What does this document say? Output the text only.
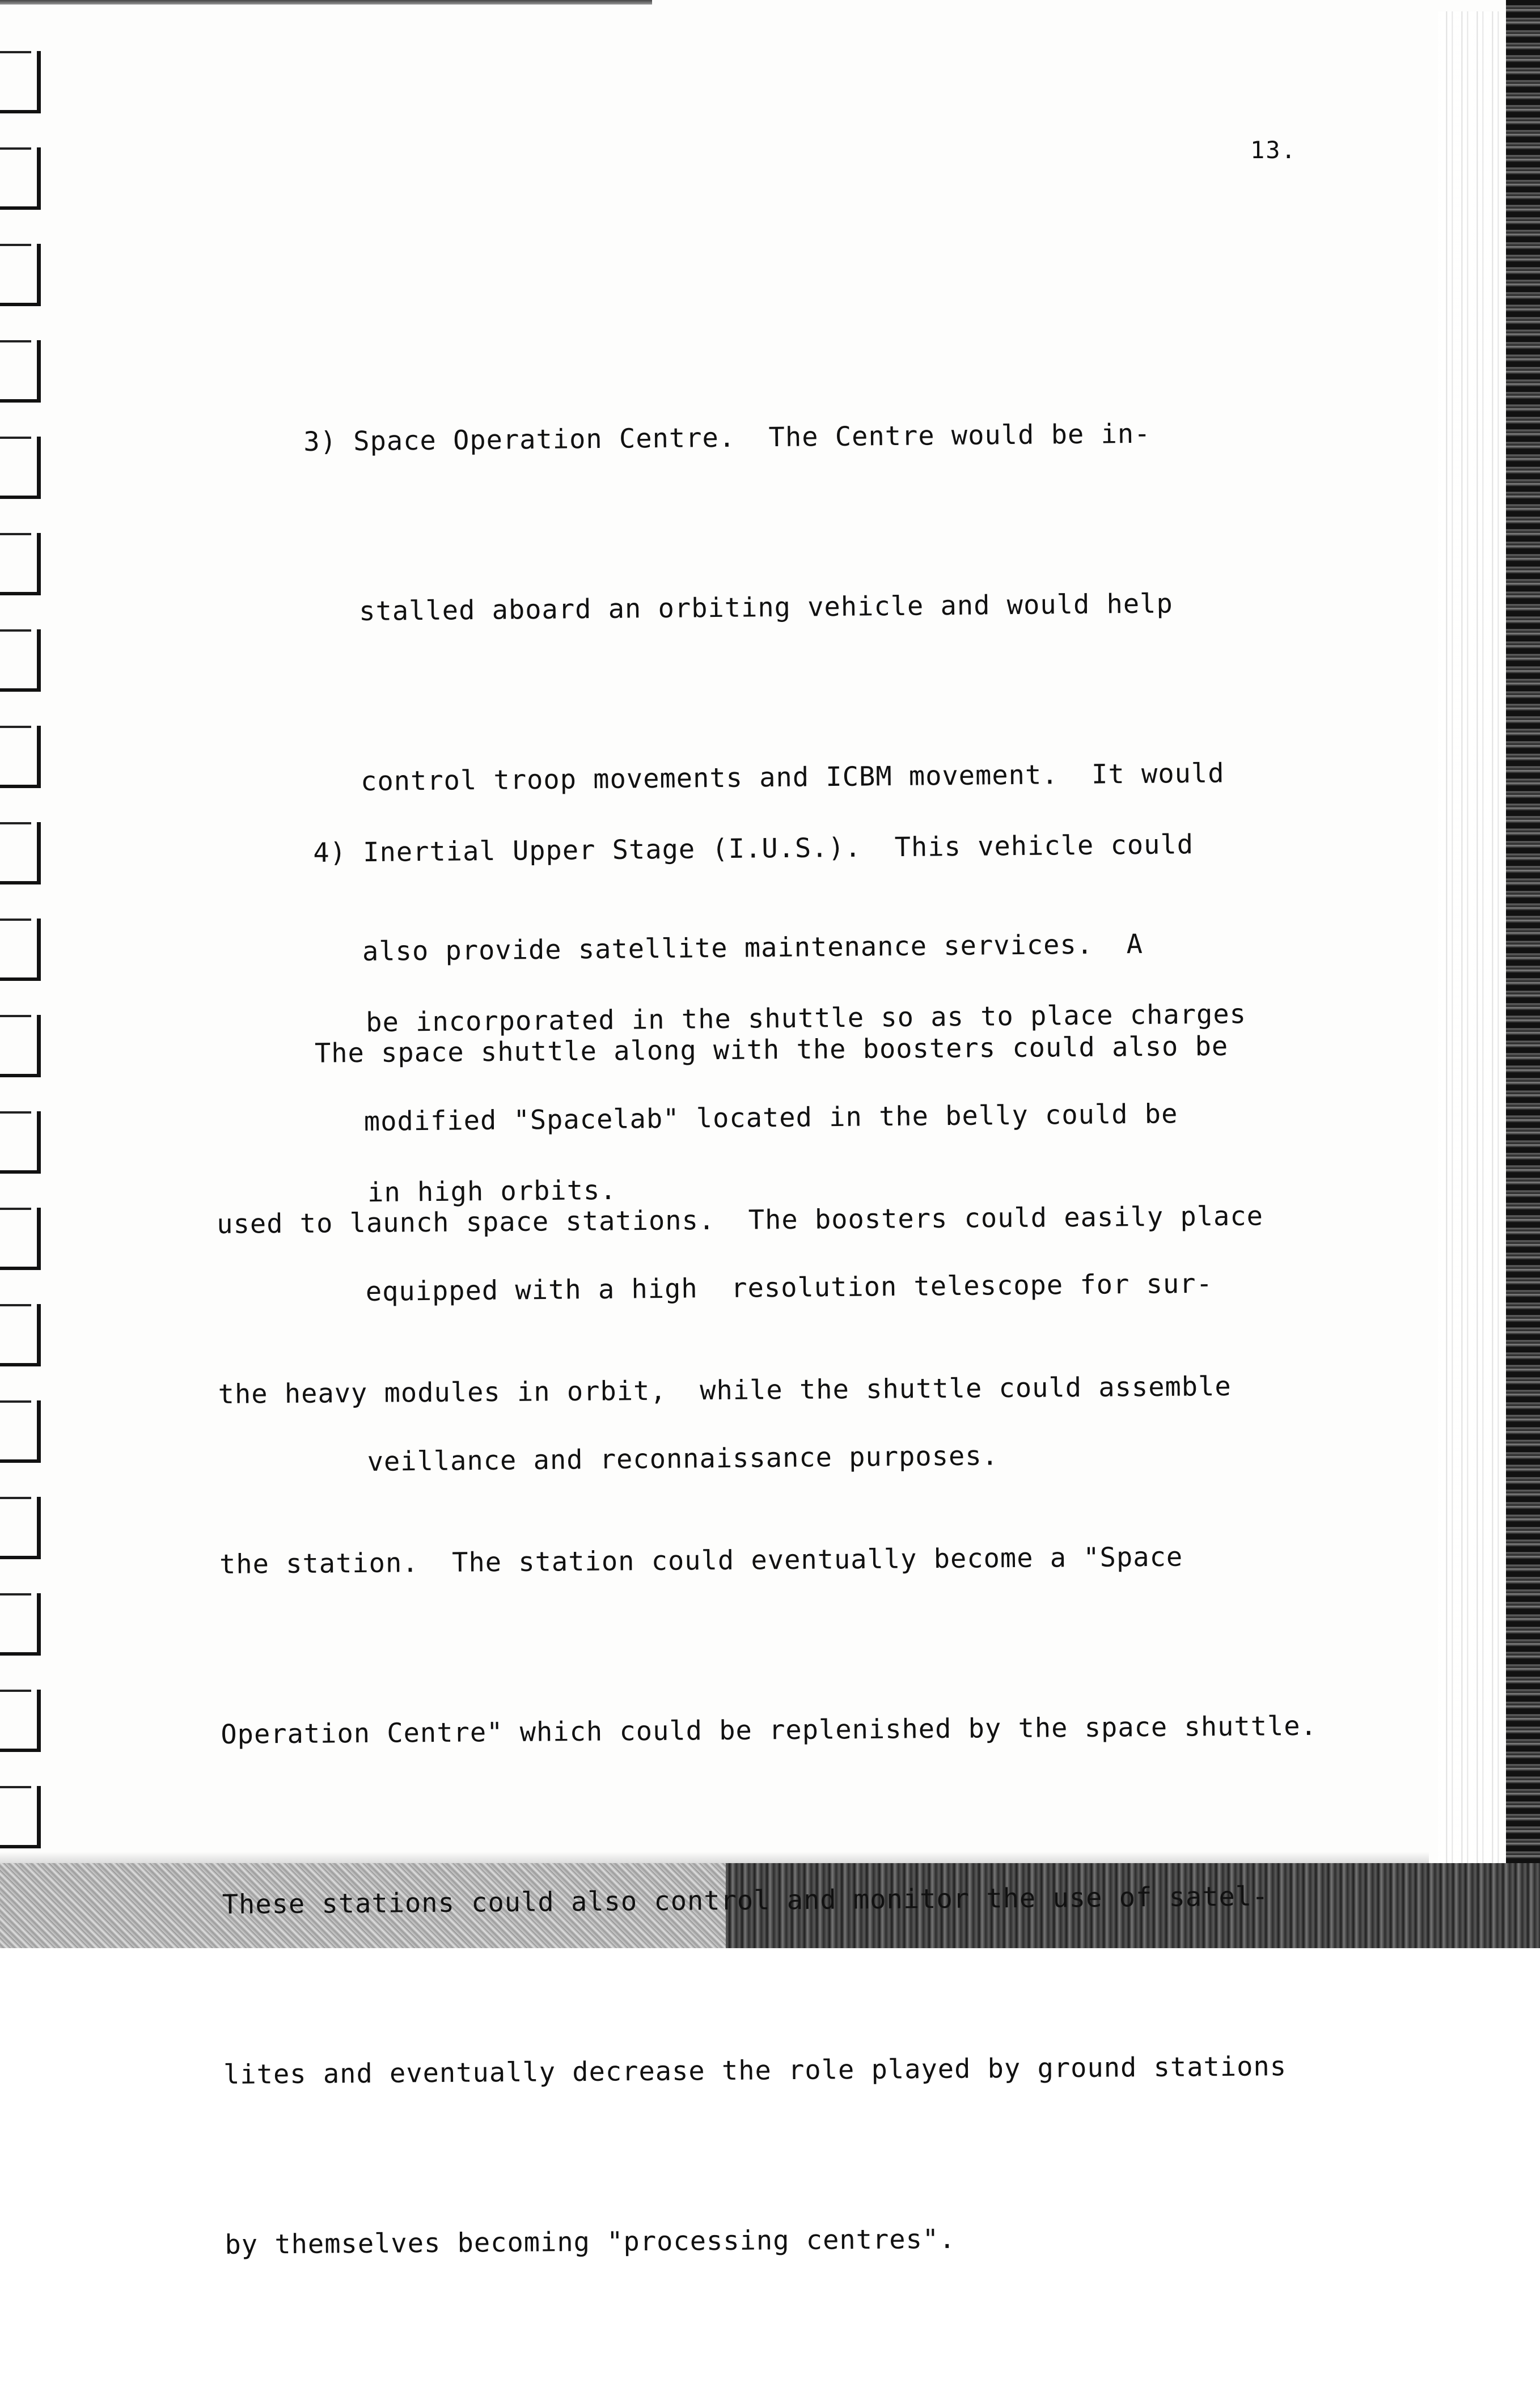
13.

3) Space Operation Centre.  The Centre would be in-

stalled aboard an orbiting vehicle and would help

control troop movements and ICBM movement.  It would

also provide satellite maintenance services.  A

modified "Spacelab" located in the belly could be

equipped with a high  resolution telescope for sur-

veillance and reconnaissance purposes.

4) Inertial Upper Stage (I.U.S.).  This vehicle could

be incorporated in the shuttle so as to place charges

in high orbits.

The space shuttle along with the boosters could also be

used to launch space stations.  The boosters could easily place

the heavy modules in orbit,  while the shuttle could assemble

the station.  The station could eventually become a "Space

Operation Centre" which could be replenished by the space shuttle.

These stations could also control and monitor the use of satel-

lites and eventually decrease the role played by ground stations

by themselves becoming "processing centres".
